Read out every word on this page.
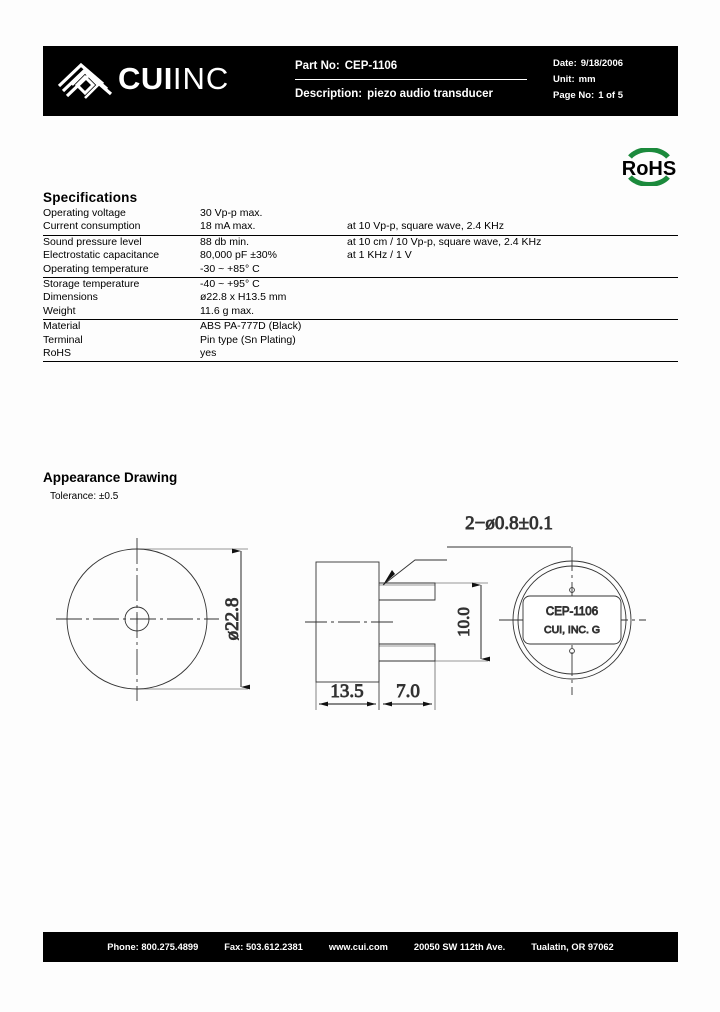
CUIINC	Part No: CEP-1106
Description: piezo audio transducer
Date: 9/18/2006
Unit: mm
Page No: 1 of 5
RoHS
Specifications
Operating voltage	30 Vp-p max.	
Current consumption	18 mA max.	at 10 Vp-p, square wave, 2.4 KHz
Sound pressure level	88 db min.	at 10 cm / 10 Vp-p, square wave, 2.4 KHz
Electrostatic capacitance	80,000 pF ±30%	at 1 KHz / 1 V
Operating temperature	-30 ~ +85° C	
Storage temperature	-40 ~ +95° C	
Dimensions	ø22.8 x H13.5 mm	
Weight	11.6 g max.	
Material	ABS PA-777D (Black)	
Terminal	Pin type (Sn Plating)	
RoHS	yes	
Appearance Drawing
Tolerance: ±0.5
ø22.8
2−ø0.8±0.1
10.0
13.5 7.0
CEP-1106
CUI, INC. G
Phone: 800.275.4899	Fax: 503.612.2381	www.cui.com	20050 SW 112th Ave.	Tualatin, OR 97062
